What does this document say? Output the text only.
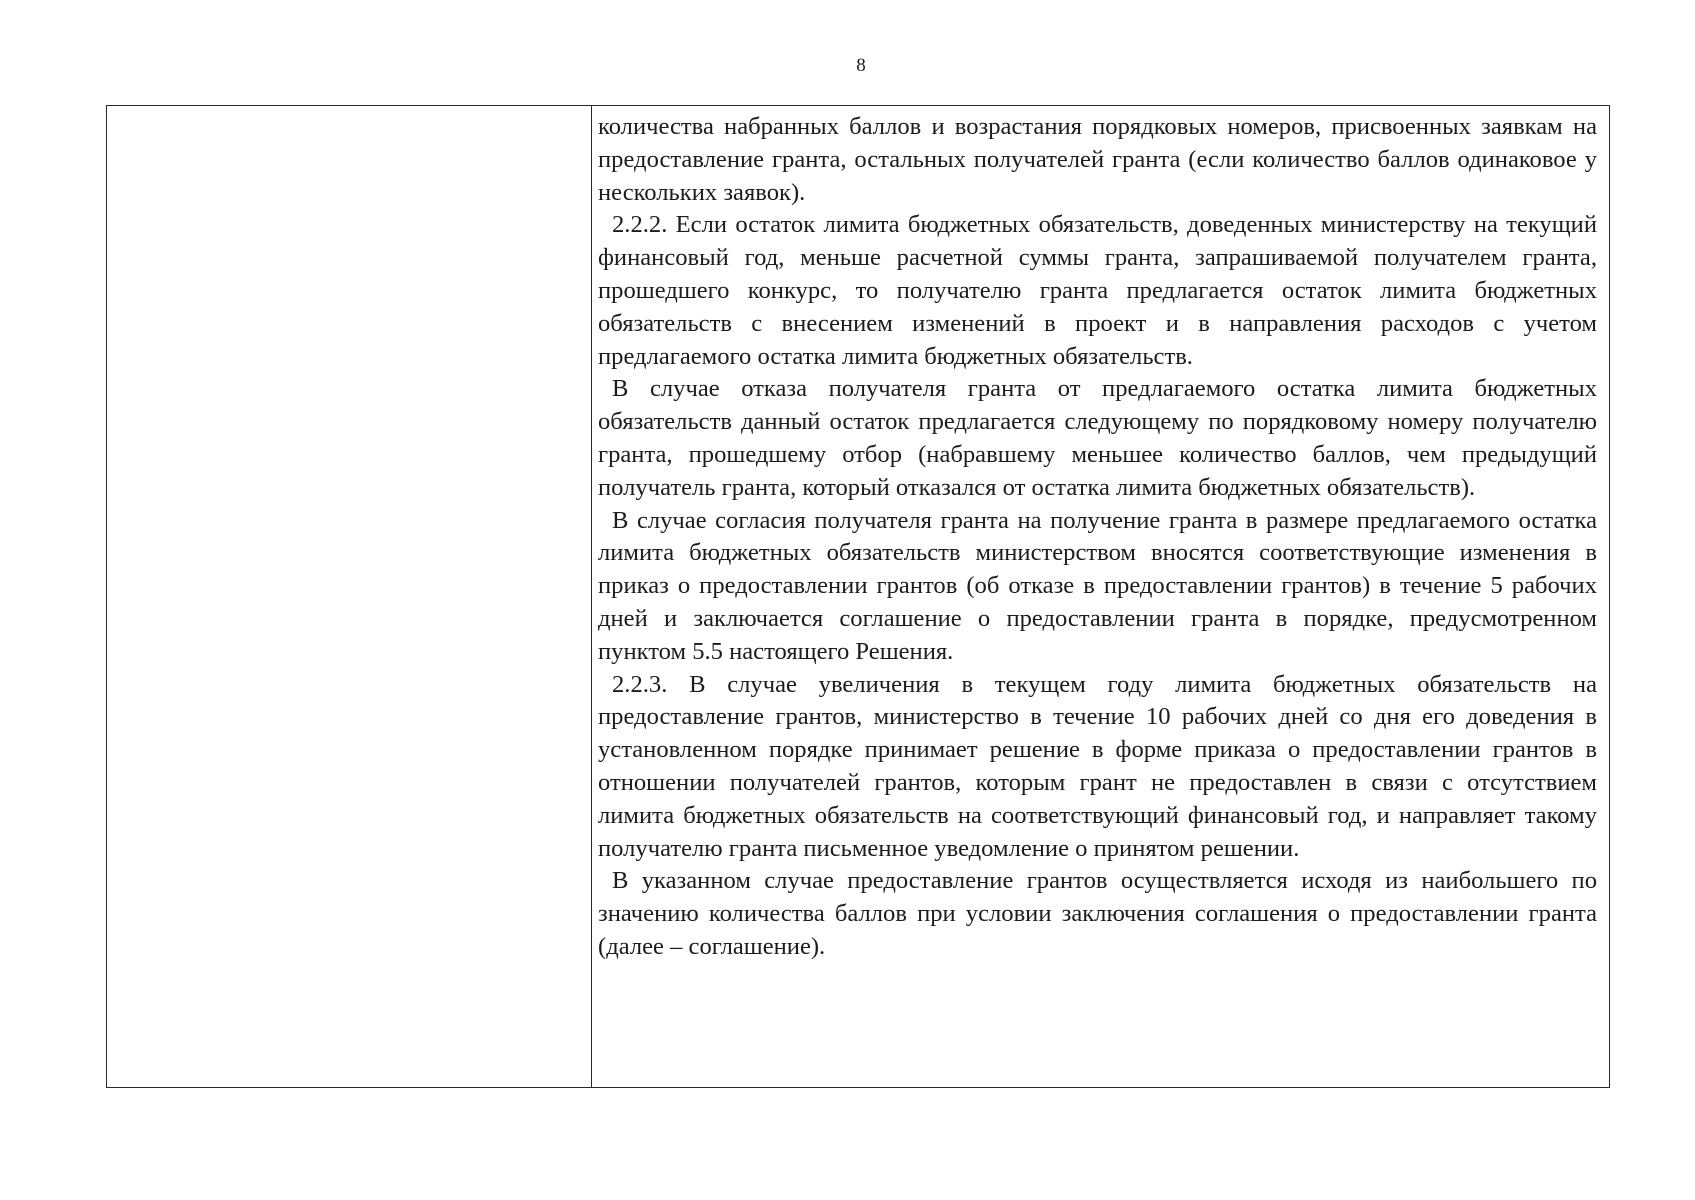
8

количества набранных баллов и возрастания порядковых номеров, присвоенных заявкам на предоставление гранта, остальных получателей гранта (если количество баллов одинаковое у нескольких заявок).

2.2.2. Если остаток лимита бюджетных обязательств, доведенных министерству на текущий финансовый год, меньше расчетной суммы гранта, запрашиваемой получателем гранта, прошедшего конкурс, то получателю гранта предлагается остаток лимита бюджетных обязательств с внесением изменений в проект и в направления расходов с учетом предлагаемого остатка лимита бюджетных обязательств.

В случае отказа получателя гранта от предлагаемого остатка лимита бюджетных обязательств данный остаток предлагается следующему по порядковому номеру получателю гранта, прошедшему отбор (набравшему меньшее количество баллов, чем предыдущий получатель гранта, который отказался от остатка лимита бюджетных обязательств).

В случае согласия получателя гранта на получение гранта в размере предлагаемого остатка лимита бюджетных обязательств министерством вносятся соответствующие изменения в приказ о предоставлении грантов (об отказе в предоставлении грантов) в течение 5 рабочих дней и заключается соглашение о предоставлении гранта в порядке, предусмотренном пунктом 5.5 настоящего Решения.

2.2.3. В случае увеличения в текущем году лимита бюджетных обязательств на предоставление грантов, министерство в течение 10 рабочих дней со дня его доведения в установленном порядке принимает решение в форме приказа о предоставлении грантов в отношении получателей грантов, которым грант не предоставлен в связи с отсутствием лимита бюджетных обязательств на соответствующий финансовый год, и направляет такому получателю гранта письменное уведомление о принятом решении.

В указанном случае предоставление грантов осуществляется исходя из наибольшего по значению количества баллов при условии заключения соглашения о предоставлении гранта (далее – соглашение).
